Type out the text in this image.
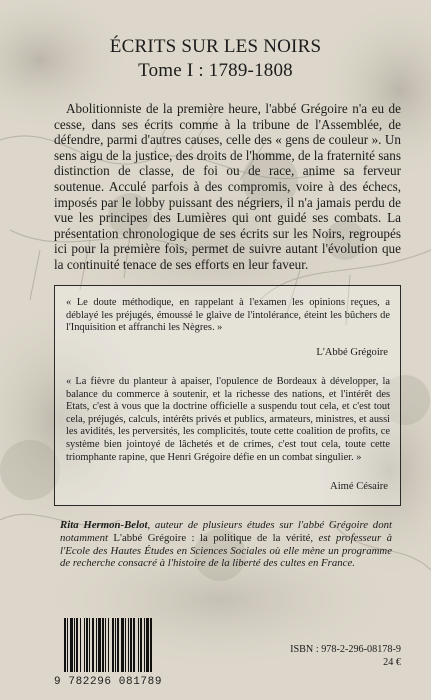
ÉCRITS SUR LES NOIRS
Tome I : 1789-1808
Abolitionniste de la première heure, l'abbé Grégoire n'a eu de cesse, dans ses écrits comme à la tribune de l'Assemblée, de défendre, parmi d'autres causes, celle des « gens de couleur ». Un sens aigu de la justice, des droits de l'homme, de la fraternité sans distinction de classe, de foi ou de race, anime sa ferveur soutenue. Acculé parfois à des compromis, voire à des échecs, imposés par le lobby puissant des négriers, il n'a jamais perdu de vue les principes des Lumières qui ont guidé ses combats. La présentation chronologique de ses écrits sur les Noirs, regroupés ici pour la première fois, permet de suivre autant l'évolution que la continuité tenace de ses efforts en leur faveur.
« Le doute méthodique, en rappelant à l'examen les opinions reçues, a déblayé les préjugés, émoussé le glaive de l'intolérance, éteint les bûchers de l'Inquisition et affranchi les Nègres. »
L'Abbé Grégoire
« La fièvre du planteur à apaiser, l'opulence de Bordeaux à développer, la balance du commerce à soutenir, et la richesse des nations, et l'intérêt des Etats, c'est à vous que la doctrine officielle a suspendu tout cela, et c'est tout cela, préjugés, calculs, intérêts privés et publics, armateurs, ministres, et aussi les avidités, les perversités, les complicités, toute cette coalition de profits, ce système bien jointoyé de lâchetés et de crimes, c'est tout cela, toute cette triomphante rapine, que Henri Grégoire défie en un combat singulier. »
Aimé Césaire
Rita Hermon-Belot, auteur de plusieurs études sur l'abbé Grégoire dont notamment L'abbé Grégoire : la politique de la vérité, est professeur à l'Ecole des Hautes Études en Sciences Sociales où elle mène un programme de recherche consacré à l'histoire de la liberté des cultes en France.
9 782296 081789
ISBN : 978-2-296-08178-9
24 €
